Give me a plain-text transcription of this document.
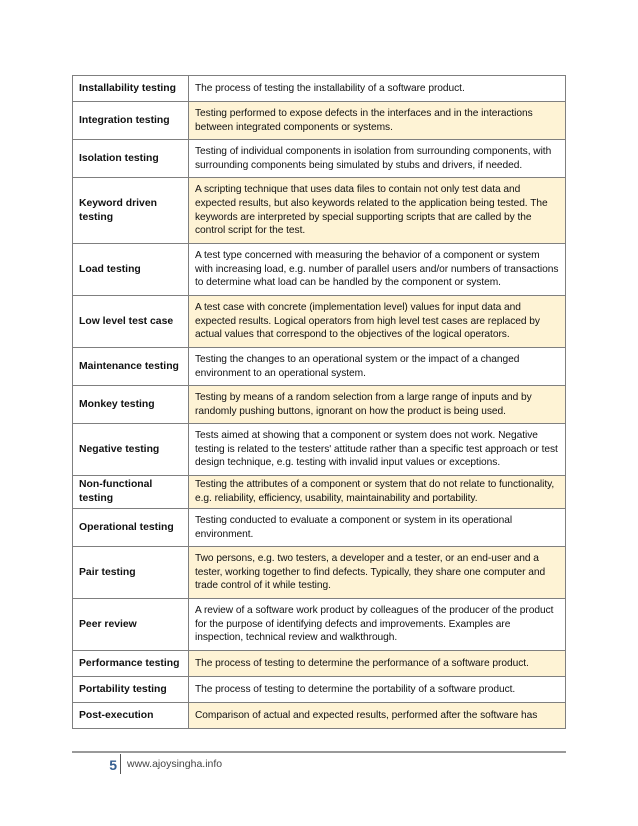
Installability testing	The process of testing the installability of a software product.
Integration testing	Testing performed to expose defects in the interfaces and in the interactions between integrated components or systems.
Isolation testing	Testing of individual components in isolation from surrounding components, with surrounding components being simulated by stubs and drivers, if needed.
Keyword driven testing	A scripting technique that uses data files to contain not only test data and expected results, but also keywords related to the application being tested. The keywords are interpreted by special supporting scripts that are called by the control script for the test.
Load testing	A test type concerned with measuring the behavior of a component or system with increasing load, e.g. number of parallel users and/or numbers of transactions to determine what load can be handled by the component or system.
Low level test case	A test case with concrete (implementation level) values for input data and expected results. Logical operators from high level test cases are replaced by actual values that correspond to the objectives of the logical operators.
Maintenance testing	Testing the changes to an operational system or the impact of a changed environment to an operational system.
Monkey testing	Testing by means of a random selection from a large range of inputs and by randomly pushing buttons, ignorant on how the product is being used.
Negative testing	Tests aimed at showing that a component or system does not work. Negative testing is related to the testers' attitude rather than a specific test approach or test design technique, e.g. testing with invalid input values or exceptions.
Non-functional testing	Testing the attributes of a component or system that do not relate to functionality, e.g. reliability, efficiency, usability, maintainability and portability.
Operational testing	Testing conducted to evaluate a component or system in its operational environment.
Pair testing	Two persons, e.g. two testers, a developer and a tester, or an end-user and a tester, working together to find defects. Typically, they share one computer and trade control of it while testing.
Peer review	A review of a software work product by colleagues of the producer of the product for the purpose of identifying defects and improvements. Examples are inspection, technical review and walkthrough.
Performance testing	The process of testing to determine the performance of a software product.
Portability testing	The process of testing to determine the portability of a software product.
Post-execution	Comparison of actual and expected results, performed after the software has
5 www.ajoysingha.info
